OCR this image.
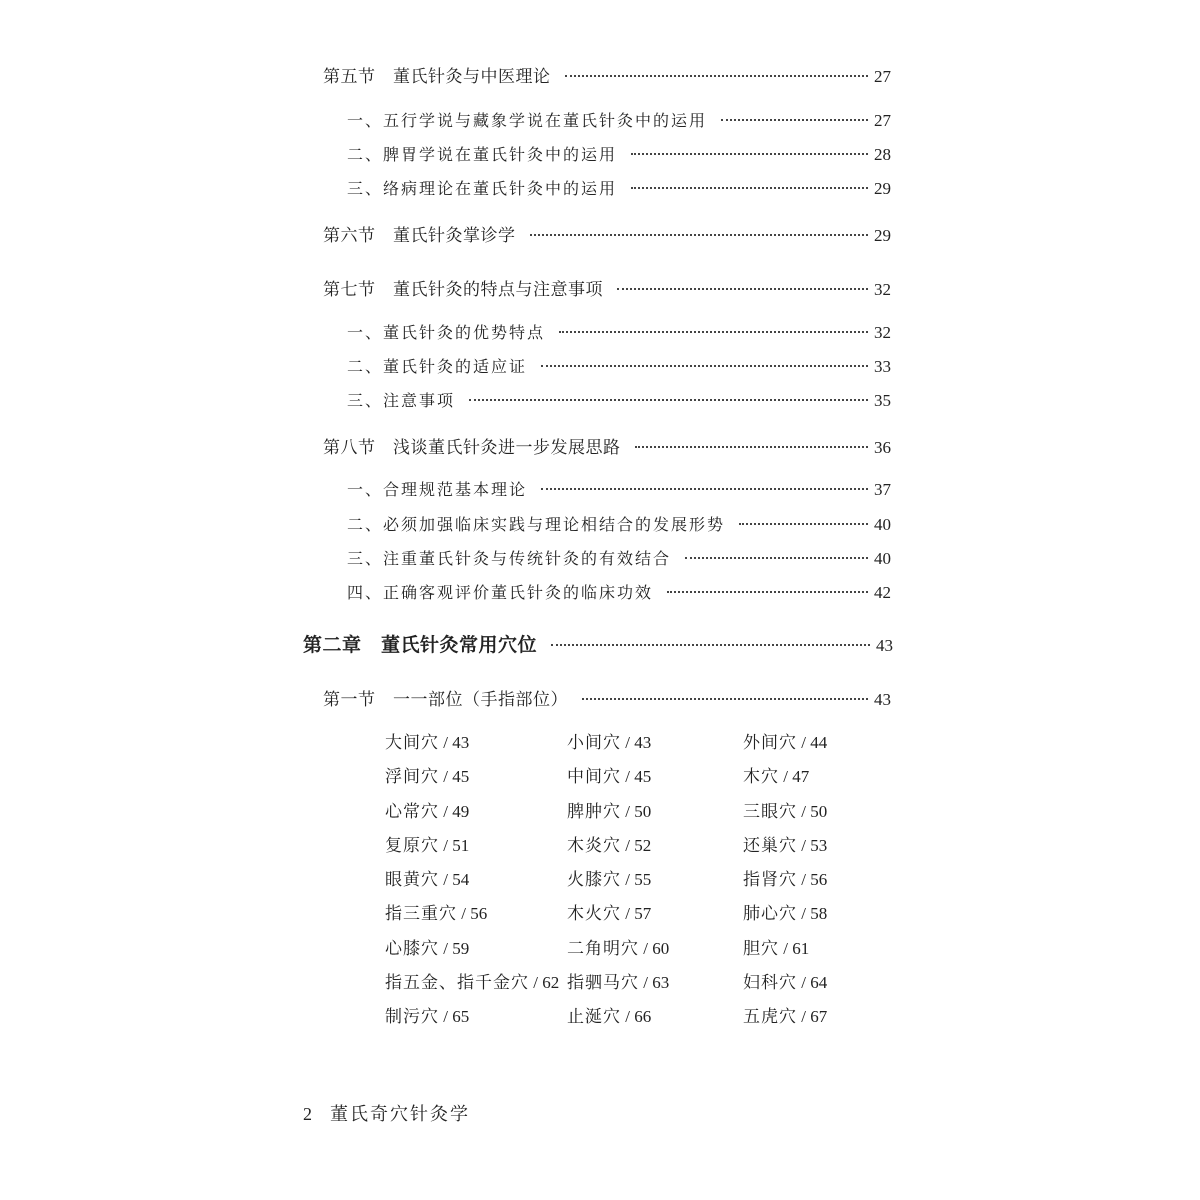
第五节　董氏针灸与中医理论	27
一、五行学说与藏象学说在董氏针灸中的运用	27
二、脾胃学说在董氏针灸中的运用	28
三、络病理论在董氏针灸中的运用	29
第六节　董氏针灸掌诊学	29
第七节　董氏针灸的特点与注意事项	32
一、董氏针灸的优势特点	32
二、董氏针灸的适应证	33
三、注意事项	35
第八节　浅谈董氏针灸进一步发展思路	36
一、合理规范基本理论	37
二、必须加强临床实践与理论相结合的发展形势	40
三、注重董氏针灸与传统针灸的有效结合	40
四、正确客观评价董氏针灸的临床功效	42
第二章　董氏针灸常用穴位	43
第一节　一一部位（手指部位）	43
大间穴 / 43	小间穴 / 43	外间穴 / 44
浮间穴 / 45	中间穴 / 45	木穴 / 47
心常穴 / 49	脾肿穴 / 50	三眼穴 / 50
复原穴 / 51	木炎穴 / 52	还巢穴 / 53
眼黄穴 / 54	火膝穴 / 55	指肾穴 / 56
指三重穴 / 56	木火穴 / 57	肺心穴 / 58
心膝穴 / 59	二角明穴 / 60	胆穴 / 61
指五金、指千金穴 / 62 指驷马穴 / 63	妇科穴 / 64
制污穴 / 65	止涎穴 / 66	五虎穴 / 67
2 董氏奇穴针灸学
